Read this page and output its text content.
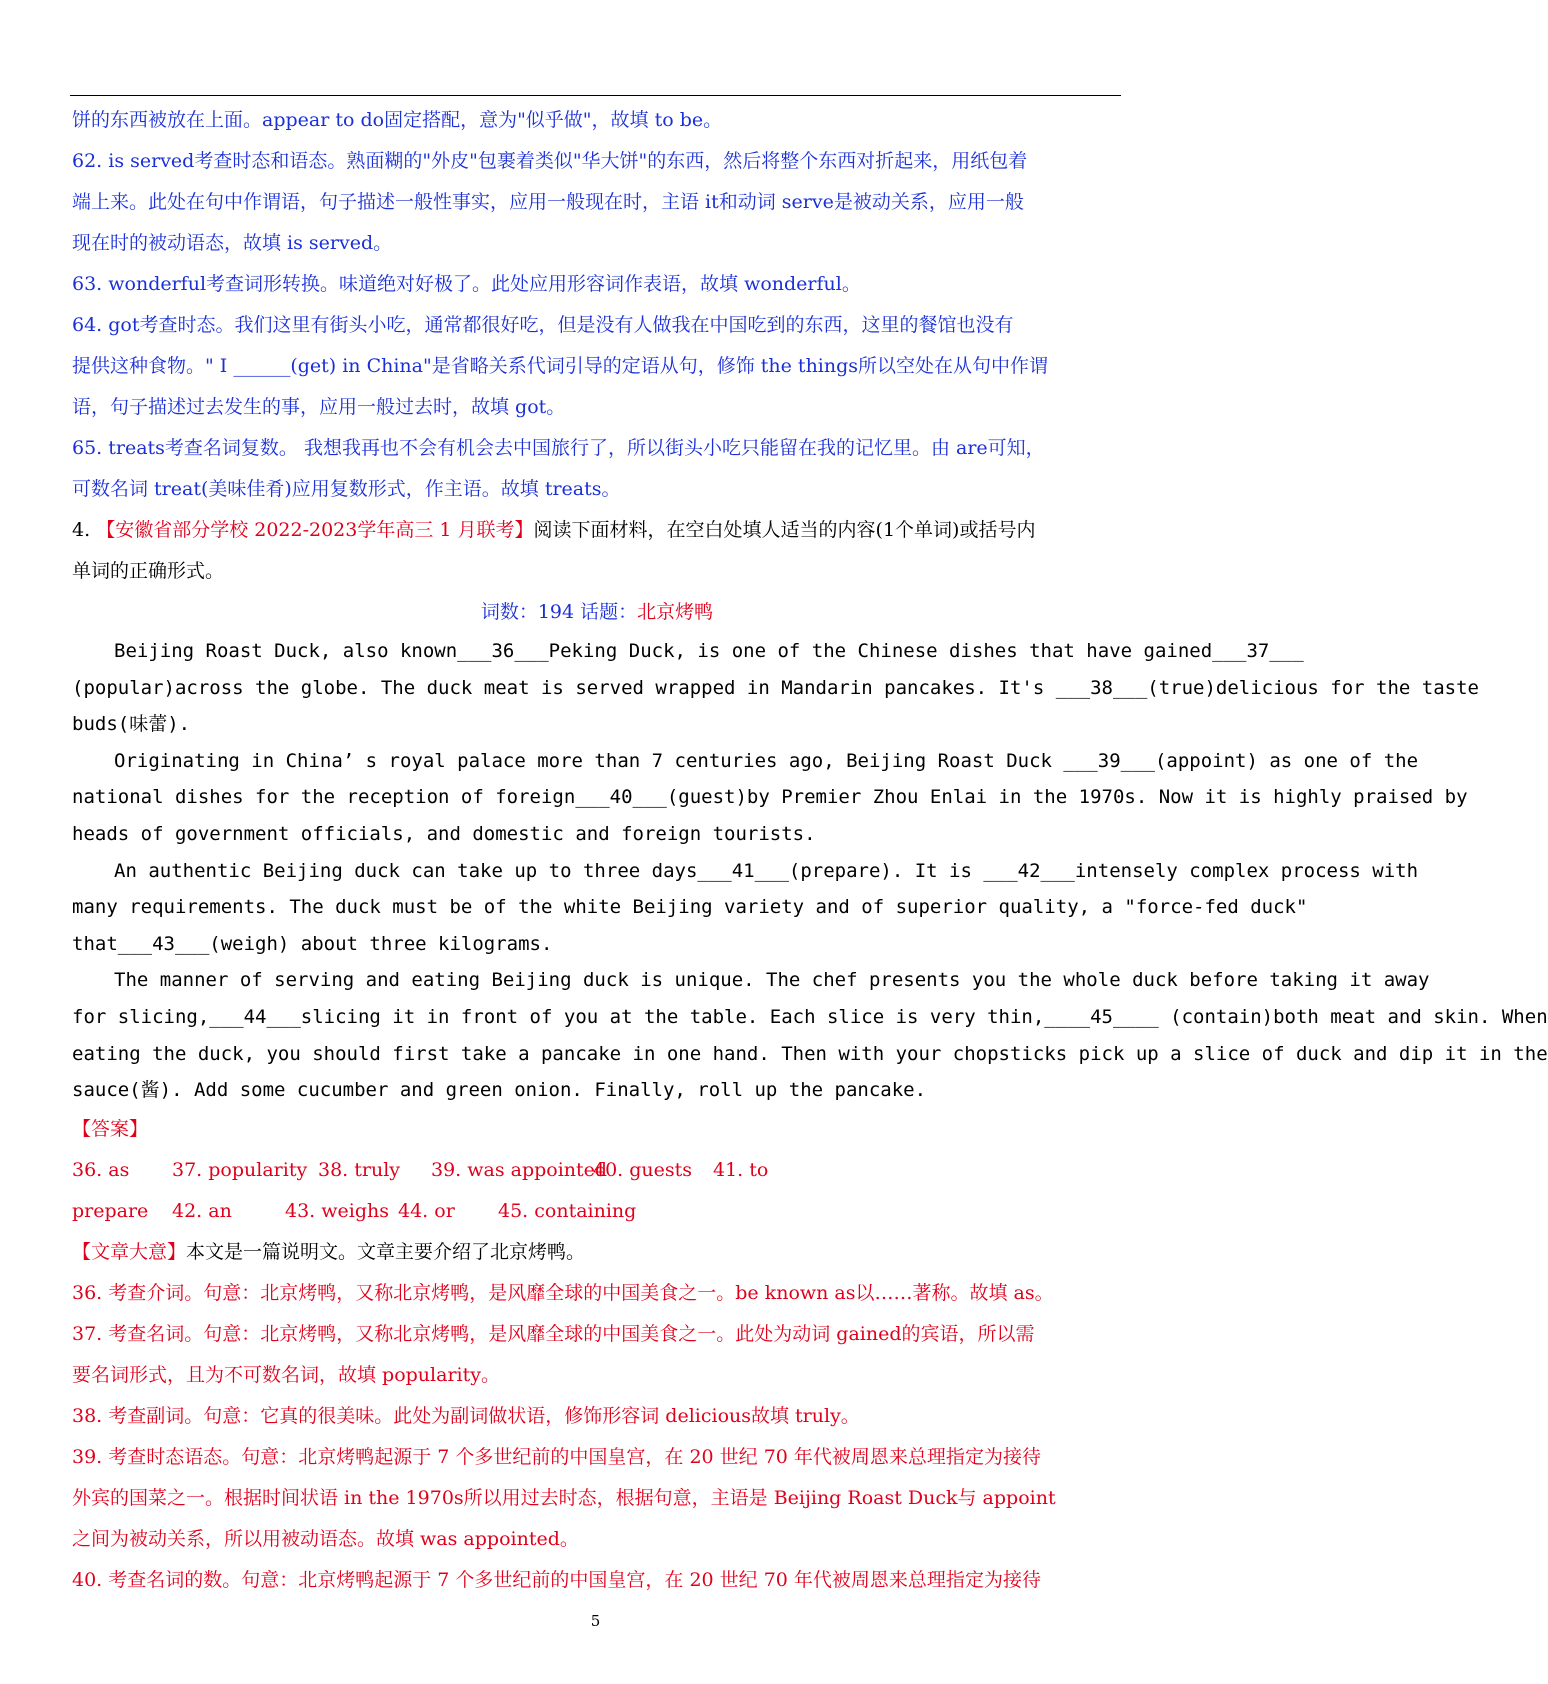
饼的东西被放在上面。appear to do固定搭配，意为"似乎做"，故填 to be。
62. is served考查时态和语态。熟面糊的"外皮"包裹着类似"华大饼"的东西，然后将整个东西对折起来，用纸包着
端上来。此处在句中作谓语，句子描述一般性事实，应用一般现在时，主语 it和动词 serve是被动关系，应用一般
现在时的被动语态，故填 is served。
63. wonderful考查词形转换。味道绝对好极了。此处应用形容词作表语，故填 wonderful。
64. got考查时态。我们这里有街头小吃，通常都很好吃，但是没有人做我在中国吃到的东西，这里的餐馆也没有
提供这种食物。" I ______(get) in China"是省略关系代词引导的定语从句，修饰 the things所以空处在从句中作谓
语，句子描述过去发生的事，应用一般过去时，故填 got。
65. treats考查名词复数。 我想我再也不会有机会去中国旅行了，所以街头小吃只能留在我的记忆里。由 are可知，
可数名词 treat(美味佳肴)应用复数形式，作主语。故填 treats。
4. 【安徽省部分学校 2022-2023学年高三 1 月联考】阅读下面材料，在空白处填人适当的内容(1个单词)或括号内
单词的正确形式。
词数：194 话题：北京烤鸭
Beijing Roast Duck, also known___36___Peking Duck, is one of the Chinese dishes that have gained___37___
(popular)across the globe. The duck meat is served wrapped in Mandarin pancakes. It's ___38___(true)delicious for the taste
buds(味蕾).
Originating in China’ s royal palace more than 7 centuries ago, Beijing Roast Duck ___39___(appoint) as one of the
national dishes for the reception of foreign___40___(guest)by Premier Zhou Enlai in the 1970s. Now it is highly praised by
heads of government officials, and domestic and foreign tourists.
An authentic Beijing duck can take up to three days___41___(prepare). It is ___42___intensely complex process with
many requirements. The duck must be of the white Beijing variety and of superior quality, a "force-fed duck"
that___43___(weigh) about three kilograms.
The manner of serving and eating Beijing duck is unique. The chef presents you the whole duck before taking it away
for slicing,___44___slicing it in front of you at the table. Each slice is very thin,____45____ (contain)both meat and skin. When
eating the duck, you should first take a pancake in one hand. Then with your chopsticks pick up a slice of duck and dip it in the
sauce(酱). Add some cucumber and green onion. Finally, roll up the pancake.
【答案】
36. as 37. popularity 38. truly 39. was appointed40. guests 41. to
prepare 42. an	43. weighs 44. or 45. containing
【文章大意】本文是一篇说明文。文章主要介绍了北京烤鸭。
36. 考查介词。句意：北京烤鸭，又称北京烤鸭，是风靡全球的中国美食之一。be known as以……著称。故填 as。
37. 考查名词。句意：北京烤鸭，又称北京烤鸭，是风靡全球的中国美食之一。此处为动词 gained的宾语，所以需
要名词形式，且为不可数名词，故填 popularity。
38. 考查副词。句意：它真的很美味。此处为副词做状语，修饰形容词 delicious故填 truly。
39. 考查时态语态。句意：北京烤鸭起源于 7 个多世纪前的中国皇宫，在 20 世纪 70 年代被周恩来总理指定为接待
外宾的国菜之一。根据时间状语 in the 1970s所以用过去时态，根据句意，主语是 Beijing Roast Duck与 appoint
之间为被动关系，所以用被动语态。故填 was appointed。
40. 考查名词的数。句意：北京烤鸭起源于 7 个多世纪前的中国皇宫，在 20 世纪 70 年代被周恩来总理指定为接待
5
